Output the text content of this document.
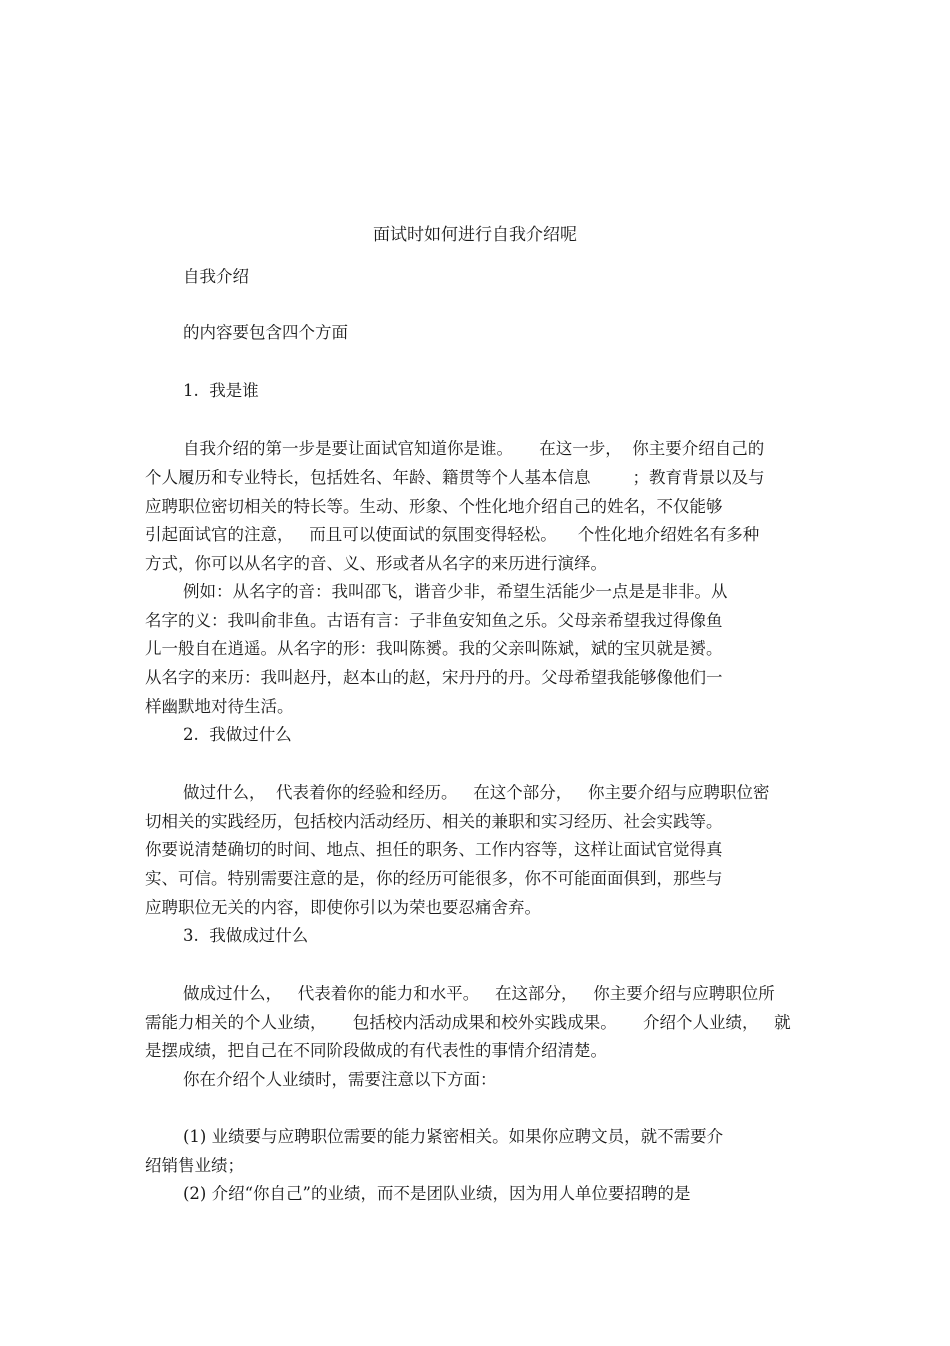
面试时如何进行自我介绍呢
自我介绍
的内容要包含四个方面
1.  我是谁
自我介绍的第一步是要让面试官知道你是谁。     在这一步，  你主要介绍自己的
个人履历和专业特长，包括姓名、年龄、籍贯等个人基本信息        ；教育背景以及与
应聘职位密切相关的特长等。生动、形象、个性化地介绍自己的姓名，不仅能够
引起面试官的注意，   而且可以使面试的氛围变得轻松。    个性化地介绍姓名有多种
方式，你可以从名字的音、义、形或者从名字的来历进行演绎。
例如：从名字的音：我叫邵飞，谐音少非，希望生活能少一点是是非非。从
名字的义：我叫俞非鱼。古语有言：子非鱼安知鱼之乐。父母亲希望我过得像鱼
儿一般自在逍遥。从名字的形：我叫陈赟。我的父亲叫陈斌，斌的宝贝就是赟。
从名字的来历：我叫赵丹，赵本山的赵，宋丹丹的丹。父母希望我能够像他们一
样幽默地对待生活。
2.  我做过什么
做过什么，  代表着你的经验和经历。   在这个部分，   你主要介绍与应聘职位密
切相关的实践经历，包括校内活动经历、相关的兼职和实习经历、社会实践等。
你要说清楚确切的时间、地点、担任的职务、工作内容等，这样让面试官觉得真
实、可信。特别需要注意的是，你的经历可能很多，你不可能面面俱到，那些与
应聘职位无关的内容，即使你引以为荣也要忍痛舍弃。
3.  我做成过什么
做成过什么，   代表着你的能力和水平。   在这部分，   你主要介绍与应聘职位所
需能力相关的个人业绩，     包括校内活动成果和校外实践成果。     介绍个人业绩，   就
是摆成绩，把自己在不同阶段做成的有代表性的事情介绍清楚。
你在介绍个人业绩时，需要注意以下方面：
(1) 业绩要与应聘职位需要的能力紧密相关。如果你应聘文员，就不需要介
绍销售业绩；
(2) 介绍“你自己”的业绩，而不是团队业绩，因为用人单位要招聘的是
